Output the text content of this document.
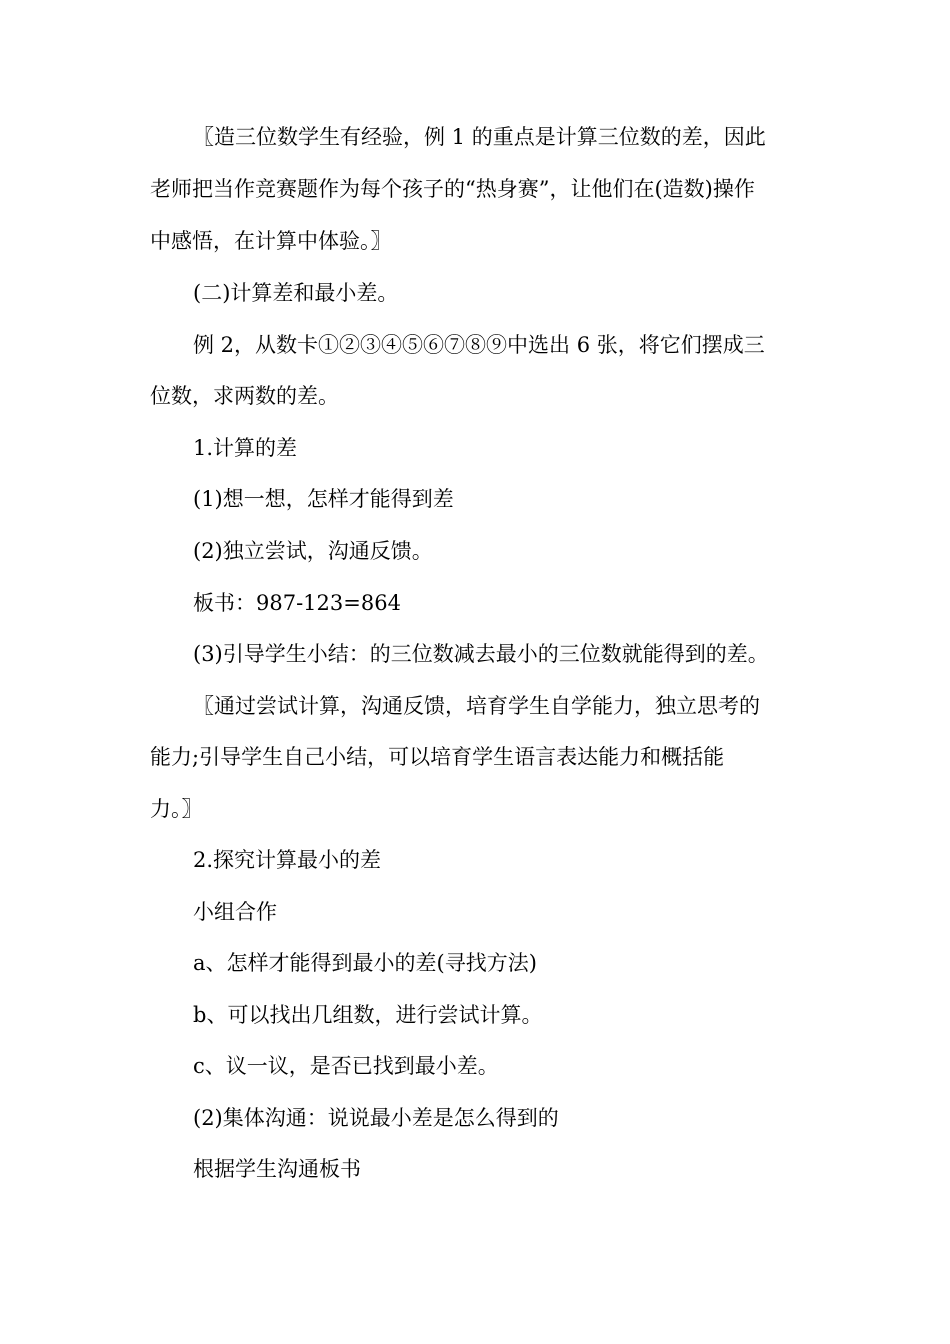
〖造三位数学生有经验，例 1 的重点是计算三位数的差，因此
老师把当作竞赛题作为每个孩子的“热身赛”，让他们在(造数)操作
中感悟，在计算中体验。〗
(二)计算差和最小差。
例 2，从数卡①②③④⑤⑥⑦⑧⑨中选出 6 张，将它们摆成三
位数，求两数的差。
1.计算的差
(1)想一想，怎样才能得到差
(2)独立尝试，沟通反馈。
板书：987-123=864
(3)引导学生小结：的三位数减去最小的三位数就能得到的差。
〖通过尝试计算，沟通反馈，培育学生自学能力，独立思考的
能力;引导学生自己小结，可以培育学生语言表达能力和概括能
力。〗
2.探究计算最小的差
小组合作
a、怎样才能得到最小的差(寻找方法)
b、可以找出几组数，进行尝试计算。
c、议一议，是否已找到最小差。
(2)集体沟通：说说最小差是怎么得到的
根据学生沟通板书
